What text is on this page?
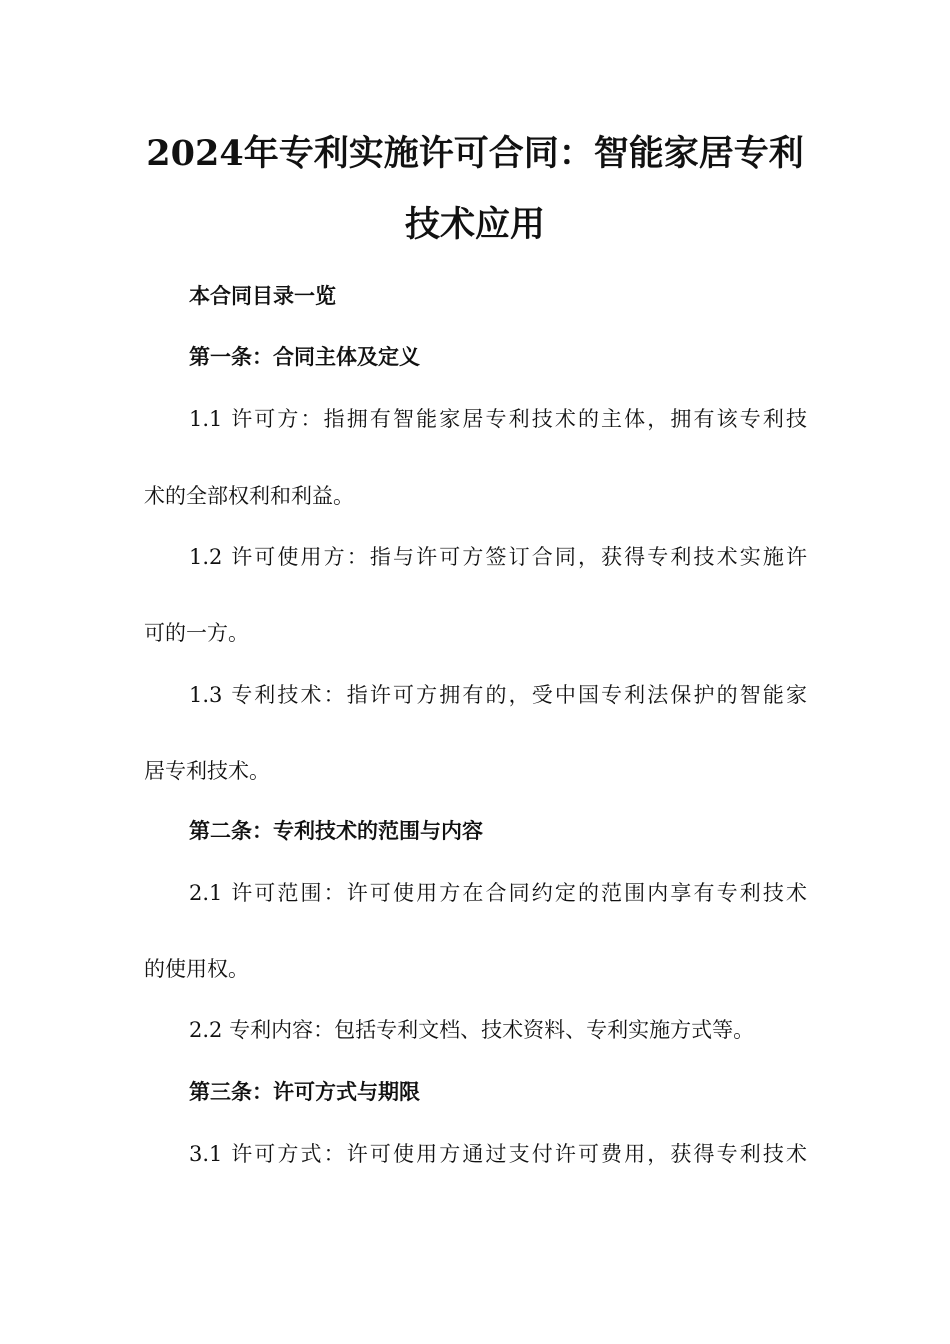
2024年专利实施许可合同：智能家居专利
技术应用

本合同目录一览

第一条：合同主体及定义

1.1 许可方：指拥有智能家居专利技术的主体，拥有该专利技

术的全部权利和利益。

1.2 许可使用方：指与许可方签订合同，获得专利技术实施许

可的一方。

1.3 专利技术：指许可方拥有的，受中国专利法保护的智能家

居专利技术。

第二条：专利技术的范围与内容

2.1 许可范围：许可使用方在合同约定的范围内享有专利技术

的使用权。

2.2 专利内容：包括专利文档、技术资料、专利实施方式等。

第三条：许可方式与期限

3.1 许可方式：许可使用方通过支付许可费用，获得专利技术
